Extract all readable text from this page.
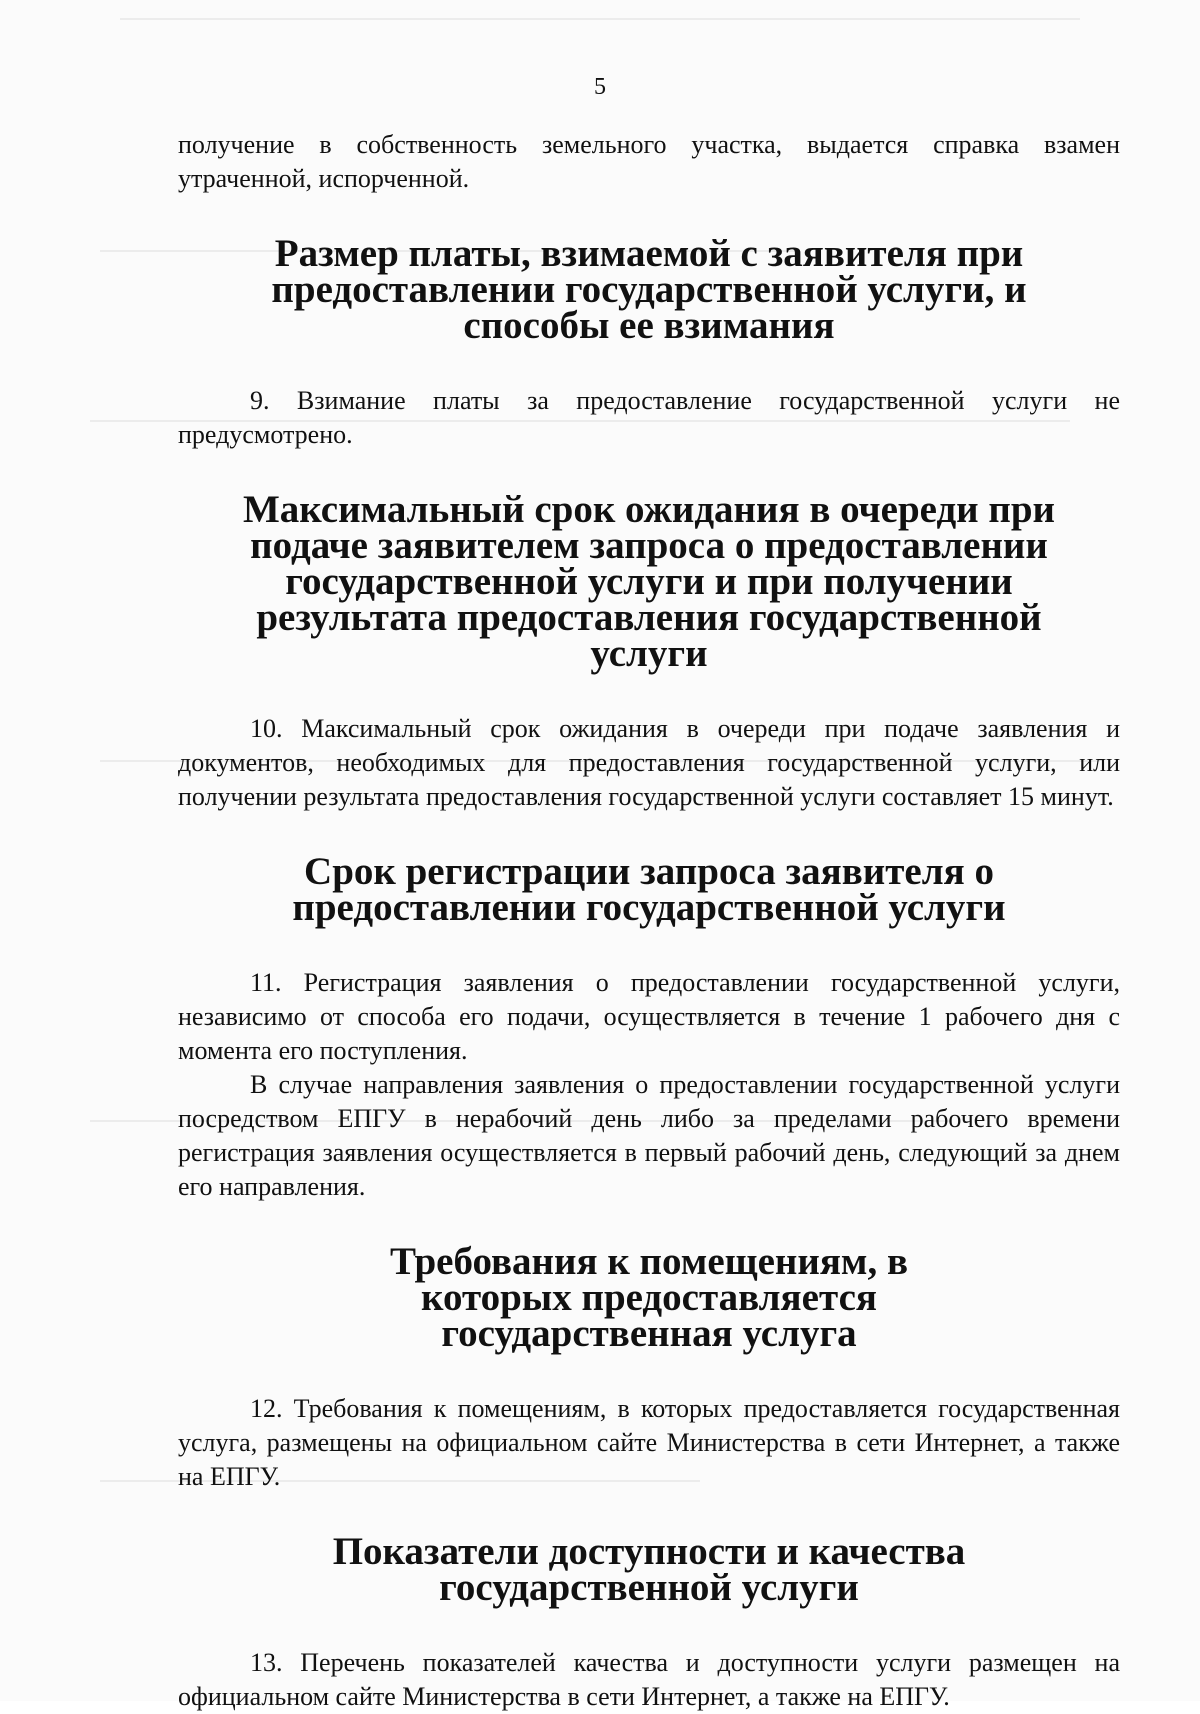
5

получение в собственность земельного участка, выдается справка взамен утраченной, испорченной.

Размер платы, взимаемой с заявителя при предоставлении государственной услуги, и способы ее взимания

9. Взимание платы за предоставление государственной услуги не предусмотрено.

Максимальный срок ожидания в очереди при подаче заявителем запроса о предоставлении государственной услуги и при получении результата предоставления государственной услуги

10. Максимальный срок ожидания в очереди при подаче заявления и документов, необходимых для предоставления государственной услуги, или получении результата предоставления государственной услуги составляет 15 минут.

Срок регистрации запроса заявителя о предоставлении государственной услуги

11. Регистрация заявления о предоставлении государственной услуги, независимо от способа его подачи, осуществляется в течение 1 рабочего дня с момента его поступления.

В случае направления заявления о предоставлении государственной услуги посредством ЕПГУ в нерабочий день либо за пределами рабочего времени регистрация заявления осуществляется в первый рабочий день, следующий за днем его направления.

Требования к помещениям, в которых предоставляется государственная услуга

12. Требования к помещениям, в которых предоставляется государственная услуга, размещены на официальном сайте Министерства в сети Интернет, а также на ЕПГУ.

Показатели доступности и качества государственной услуги

13. Перечень показателей качества и доступности услуги размещен на официальном сайте Министерства в сети Интернет, а также на ЕПГУ.
